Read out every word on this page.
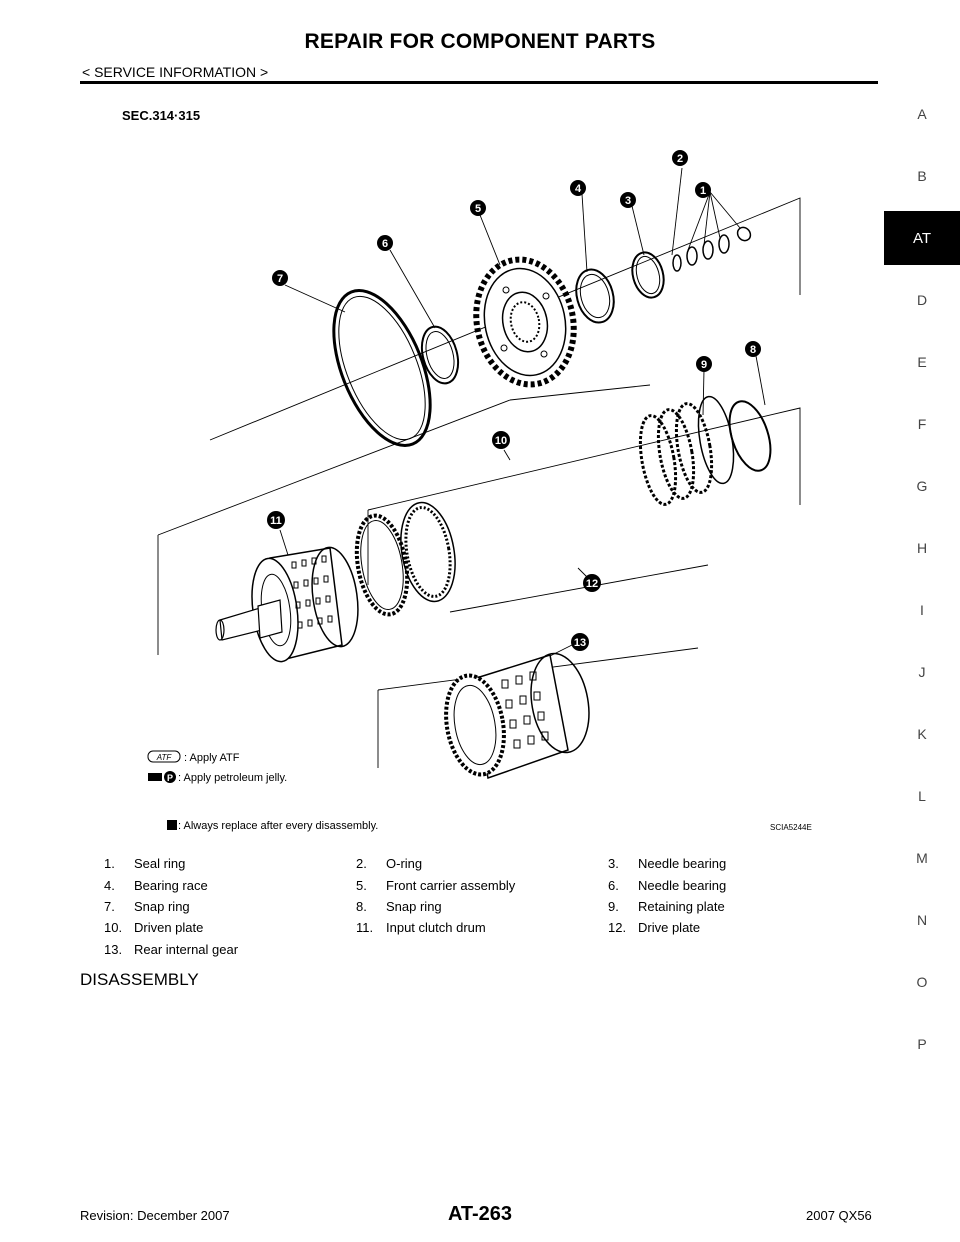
REPAIR FOR COMPONENT PARTS
< SERVICE INFORMATION >
A
B
AT
D
E
F
G
H
I
J
K
L
M
N
O
P
SEC.314·315
1
2
3
4
5
6
7
8
9
10
11
12
13
ATF : Apply ATF
P : Apply petroleum jelly.
: Always replace after every disassembly.	SCIA5244E
1. Seal ring	2. O-ring	3. Needle bearing
4. Bearing race	5. Front carrier assembly	6. Needle bearing
7. Snap ring	8. Snap ring	9. Retaining plate
10. Driven plate	11. Input clutch drum	12. Drive plate
13. Rear internal gear		
DISASSEMBLY
Revision: December 2007	AT-263	2007 QX56
